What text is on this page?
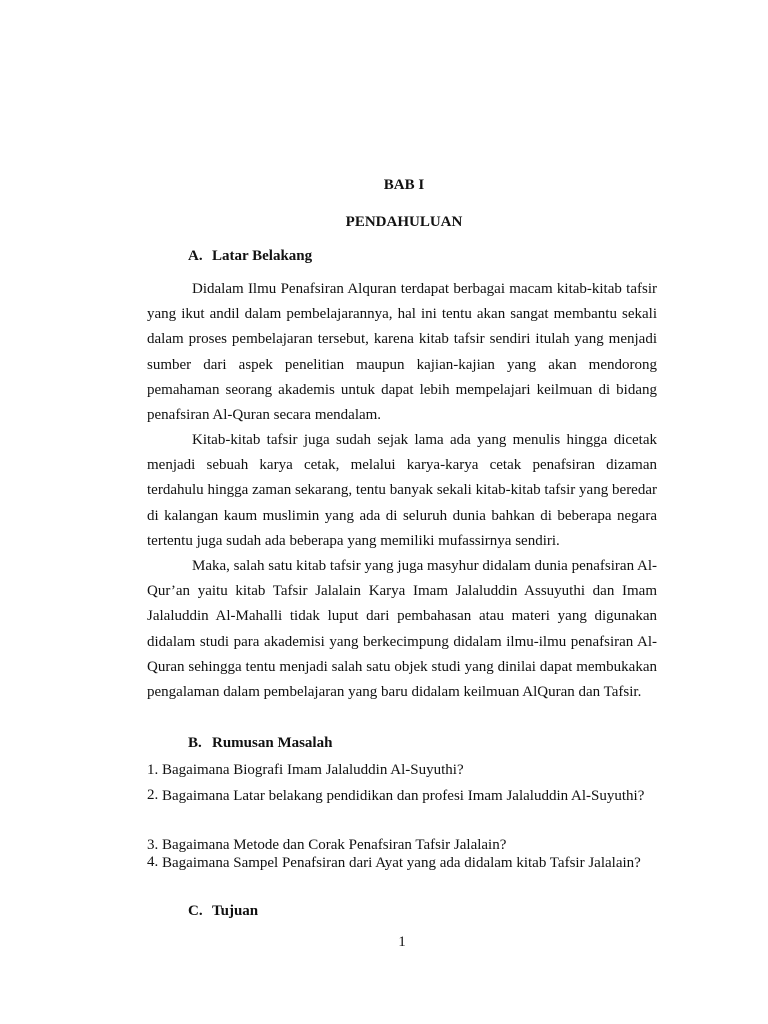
BAB I
PENDAHULUAN
A. Latar Belakang

Didalam Ilmu Penafsiran Alquran terdapat berbagai macam kitab-kitab tafsir yang ikut andil dalam pembelajarannya, hal ini tentu akan sangat membantu sekali dalam proses pembelajaran tersebut, karena kitab tafsir sendiri itulah yang menjadi sumber dari aspek penelitian maupun kajian-kajian yang akan mendorong pemahaman seorang akademis untuk dapat lebih mempelajari keilmuan di bidang penafsiran Al-Quran secara mendalam.

Kitab-kitab tafsir juga sudah sejak lama ada yang menulis hingga dicetak menjadi sebuah karya cetak, melalui karya-karya cetak penafsiran dizaman terdahulu hingga zaman sekarang, tentu banyak sekali kitab-kitab tafsir yang beredar di kalangan kaum muslimin yang ada di seluruh dunia bahkan di beberapa negara tertentu juga sudah ada beberapa yang memiliki mufassirnya sendiri.

Maka, salah satu kitab tafsir yang juga masyhur didalam dunia penafsiran Al-Qur’an yaitu kitab Tafsir Jalalain Karya Imam Jalaluddin Assuyuthi dan Imam Jalaluddin Al-Mahalli tidak luput dari pembahasan atau materi yang digunakan didalam studi para akademisi yang berkecimpung didalam ilmu-ilmu penafsiran Al-Quran sehingga tentu menjadi salah satu objek studi yang dinilai dapat membukakan pengalaman dalam pembelajaran yang baru didalam keilmuan AlQuran dan Tafsir.

B. Rumusan Masalah
1. Bagaimana Biografi Imam Jalaluddin Al-Suyuthi?
2. Bagaimana Latar belakang pendidikan dan profesi Imam Jalaluddin Al-Suyuthi?
3. Bagaimana Metode dan Corak Penafsiran Tafsir Jalalain?
4. Bagaimana Sampel Penafsiran dari Ayat yang ada didalam kitab Tafsir Jalalain?
C. Tujuan
1
